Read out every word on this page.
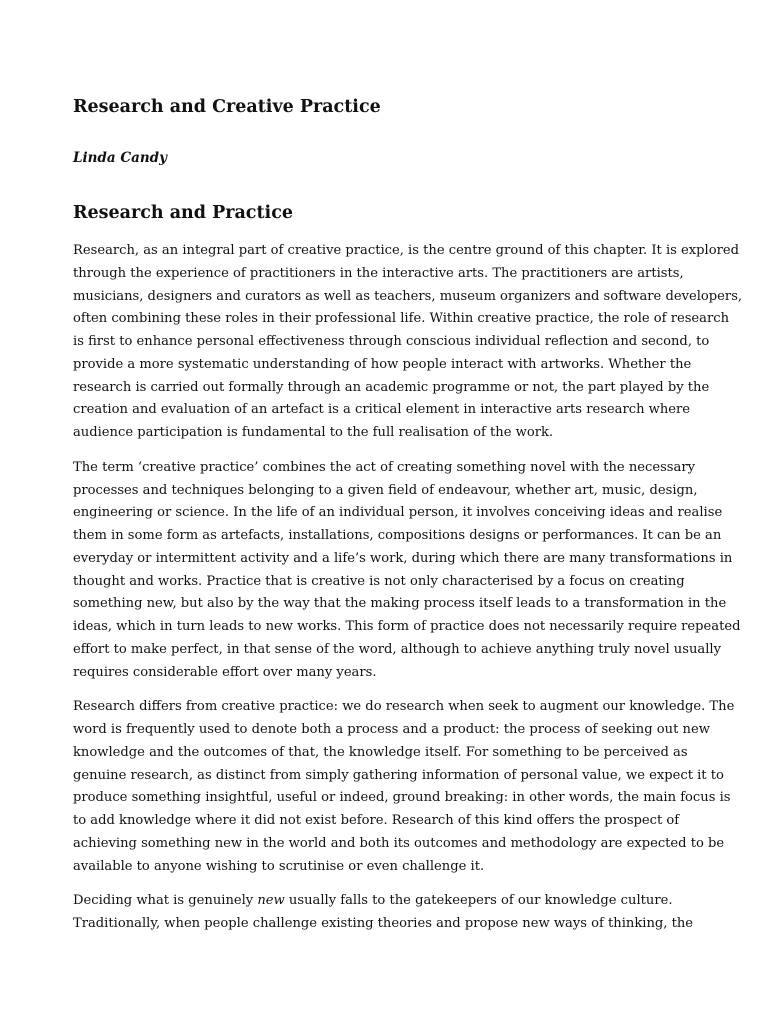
Research and Creative Practice

Linda Candy

Research and Practice

Research, as an integral part of creative practice, is the centre ground of this chapter. It is explored
through the experience of practitioners in the interactive arts. The practitioners are artists,
musicians, designers and curators as well as teachers, museum organizers and software developers,
often combining these roles in their professional life. Within creative practice, the role of research
is first to enhance personal effectiveness through conscious individual reflection and second, to
provide a more systematic understanding of how people interact with artworks. Whether the
research is carried out formally through an academic programme or not, the part played by the
creation and evaluation of an artefact is a critical element in interactive arts research where
audience participation is fundamental to the full realisation of the work.

The term ‘creative practice’ combines the act of creating something novel with the necessary
processes and techniques belonging to a given field of endeavour, whether art, music, design,
engineering or science. In the life of an individual person, it involves conceiving ideas and realise
them in some form as artefacts, installations, compositions designs or performances. It can be an
everyday or intermittent activity and a life’s work, during which there are many transformations in
thought and works. Practice that is creative is not only characterised by a focus on creating
something new, but also by the way that the making process itself leads to a transformation in the
ideas, which in turn leads to new works. This form of practice does not necessarily require repeated
effort to make perfect, in that sense of the word, although to achieve anything truly novel usually
requires considerable effort over many years.

Research differs from creative practice: we do research when seek to augment our knowledge. The
word is frequently used to denote both a process and a product: the process of seeking out new
knowledge and the outcomes of that, the knowledge itself. For something to be perceived as
genuine research, as distinct from simply gathering information of personal value, we expect it to
produce something insightful, useful or indeed, ground breaking: in other words, the main focus is
to add knowledge where it did not exist before. Research of this kind offers the prospect of
achieving something new in the world and both its outcomes and methodology are expected to be
available to anyone wishing to scrutinise or even challenge it.

Deciding what is genuinely new usually falls to the gatekeepers of our knowledge culture.
Traditionally, when people challenge existing theories and propose new ways of thinking, the
